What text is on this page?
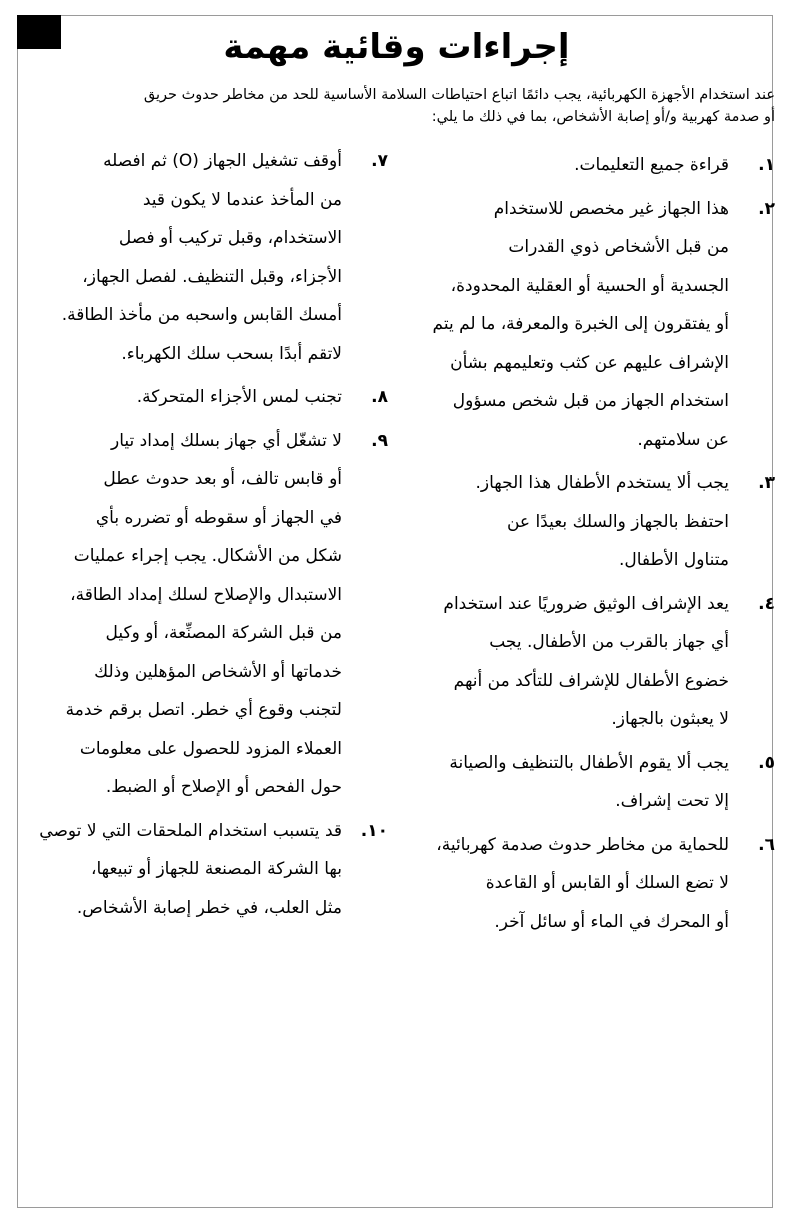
إجراءات وقائية مهمة
عند استخدام الأجهزة الكهربائية، يجب دائمًا اتباع احتياطات السلامة الأساسية للحد من مخاطر حدوث حريق
أو صدمة كهربية و/أو إصابة الأشخاص، بما في ذلك ما يلي:
١.
قراءة جميع التعليمات.
٢.
هذا الجهاز غير مخصص للاستخدام
من قبل الأشخاص ذوي القدرات
الجسدية أو الحسية أو العقلية المحدودة،
أو يفتقرون إلى الخبرة والمعرفة، ما لم يتم
الإشراف عليهم عن كثب وتعليمهم بشأن
استخدام الجهاز من قبل شخص مسؤول
عن سلامتهم.
٣.
يجب ألا يستخدم الأطفال هذا الجهاز.
احتفظ بالجهاز والسلك بعيدًا عن
متناول الأطفال.
٤.
يعد الإشراف الوثيق ضروريًا عند استخدام
أي جهاز بالقرب من الأطفال. يجب
خضوع الأطفال للإشراف للتأكد من أنهم
لا يعبثون بالجهاز.
٥.
يجب ألا يقوم الأطفال بالتنظيف والصيانة
إلا تحت إشراف.
٦.
للحماية من مخاطر حدوث صدمة كهربائية،
لا تضع السلك أو القابس أو القاعدة
أو المحرك في الماء أو سائل آخر.
٧.
أوقف تشغيل الجهاز (O) ثم افصله
من المأخذ عندما لا يكون قيد
الاستخدام، وقبل تركيب أو فصل
الأجزاء، وقبل التنظيف. لفصل الجهاز،
أمسك القابس واسحبه من مأخذ الطاقة.
لاتقم أبدًا بسحب سلك الكهرباء.
٨.
تجنب لمس الأجزاء المتحركة.
٩.
لا تشغّل أي جهاز بسلك إمداد تيار
أو قابس تالف، أو بعد حدوث عطل
في الجهاز أو سقوطه أو تضرره بأي
شكل من الأشكال. يجب إجراء عمليات
الاستبدال والإصلاح لسلك إمداد الطاقة،
من قبل الشركة المصنِّعة، أو وكيل
خدماتها أو الأشخاص المؤهلين وذلك
لتجنب وقوع أي خطر. اتصل برقم خدمة
العملاء المزود للحصول على معلومات
حول الفحص أو الإصلاح أو الضبط.
١٠.
قد يتسبب استخدام الملحقات التي لا توصي
بها الشركة المصنعة للجهاز أو تبيعها،
مثل العلب، في خطر إصابة الأشخاص.
